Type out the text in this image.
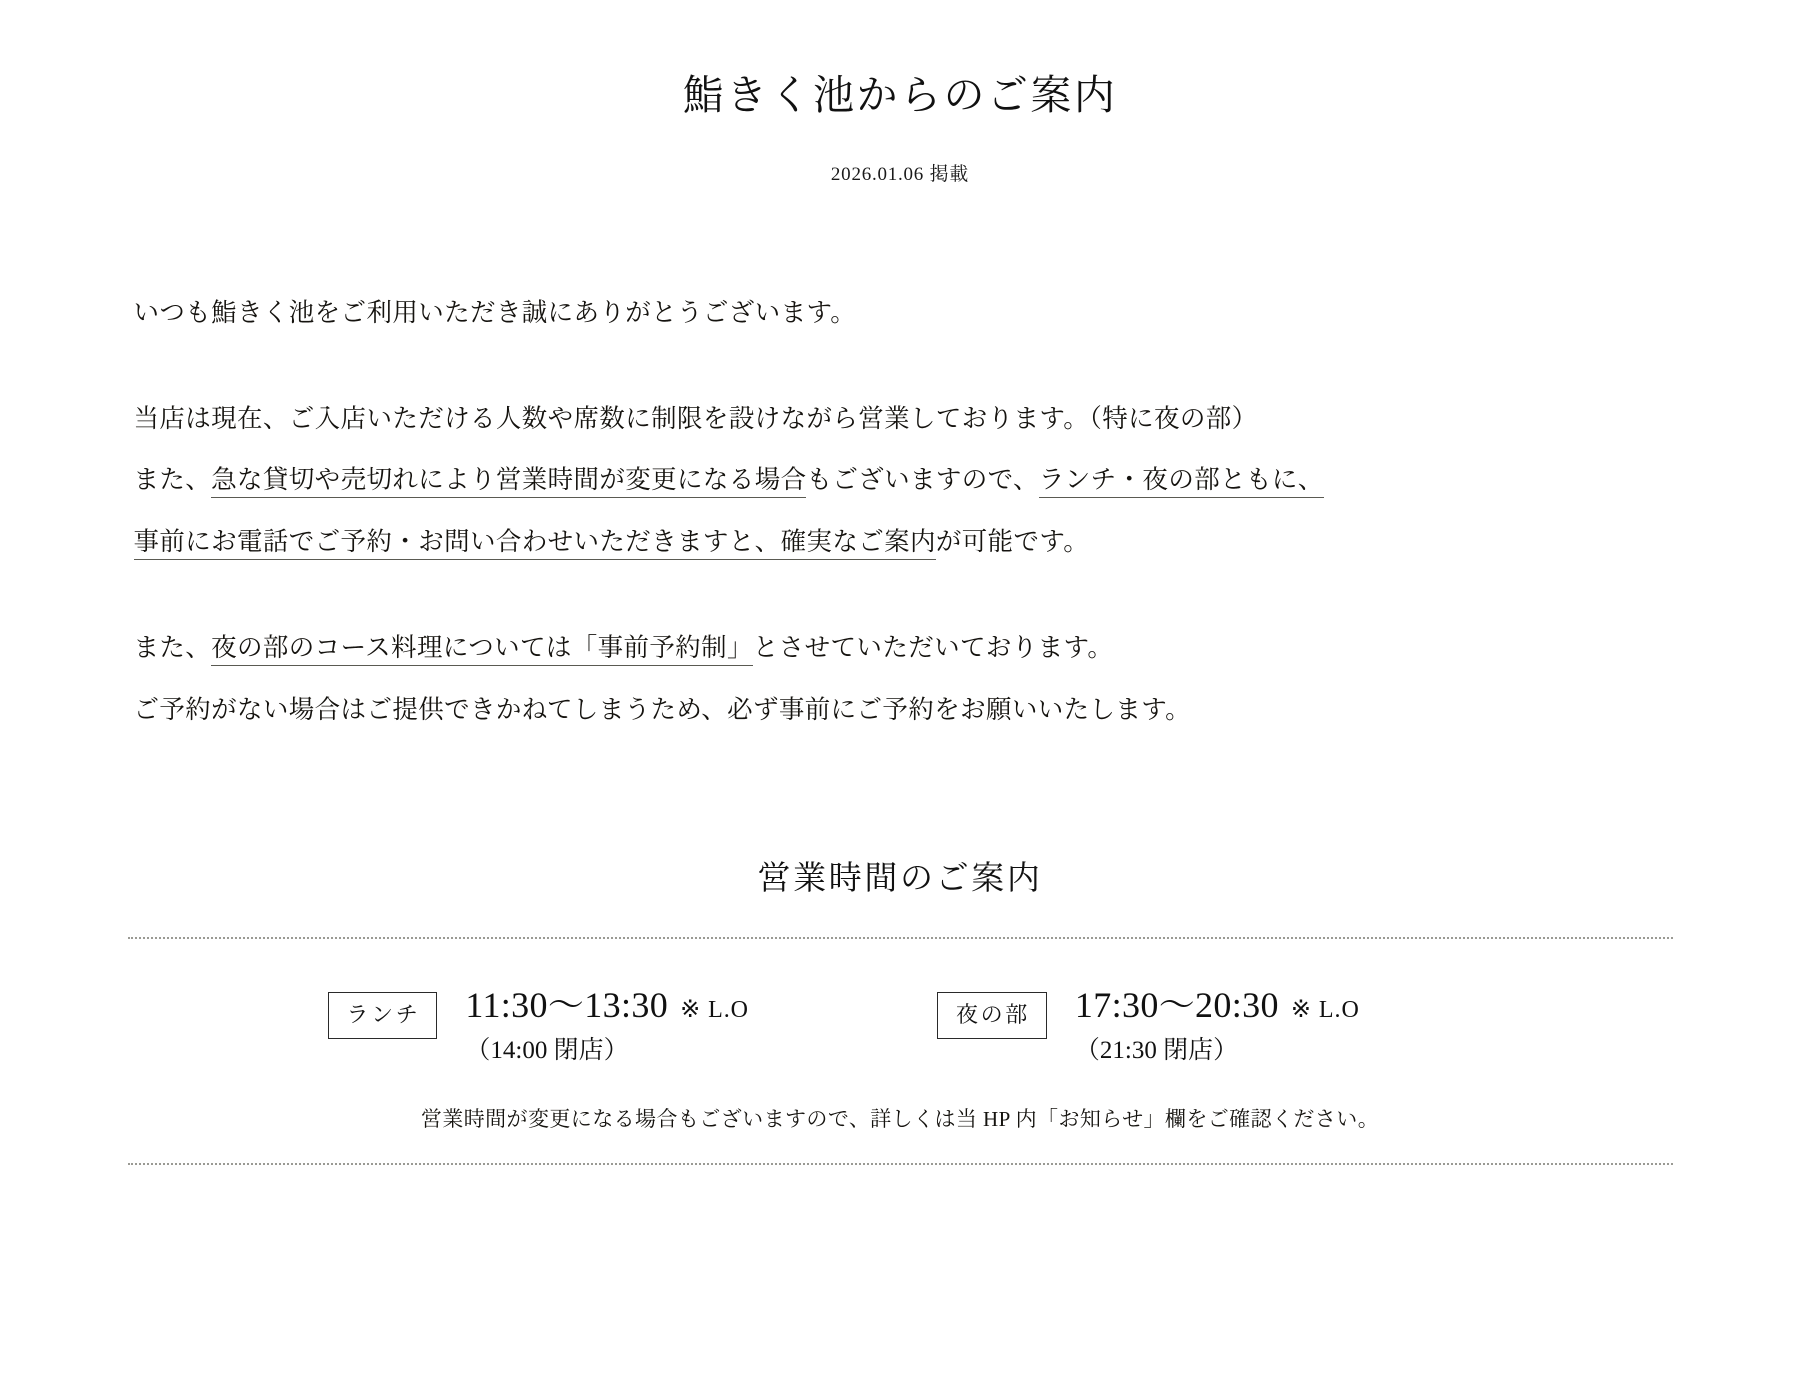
鮨きく池からのご案内
2026.01.06 掲載
いつも鮨きく池をご利用いただき誠にありがとうございます。
当店は現在、ご入店いただける人数や席数に制限を設けながら営業しております。（特に夜の部）
また、急な貸切や売切れにより営業時間が変更になる場合もございますので、ランチ・夜の部ともに、
事前にお電話でご予約・お問い合わせいただきますと、確実なご案内が可能です。
また、夜の部のコース料理については「事前予約制」とさせていただいております。
ご予約がない場合はご提供できかねてしまうため、必ず事前にご予約をお願いいたします。
営業時間のご案内
ランチ	11:30〜13:30 ※ L.O
（14:00 閉店）
夜の部	17:30〜20:30 ※ L.O
（21:30 閉店）
営業時間が変更になる場合もございますので、詳しくは当 HP 内「お知らせ」欄をご確認ください。
